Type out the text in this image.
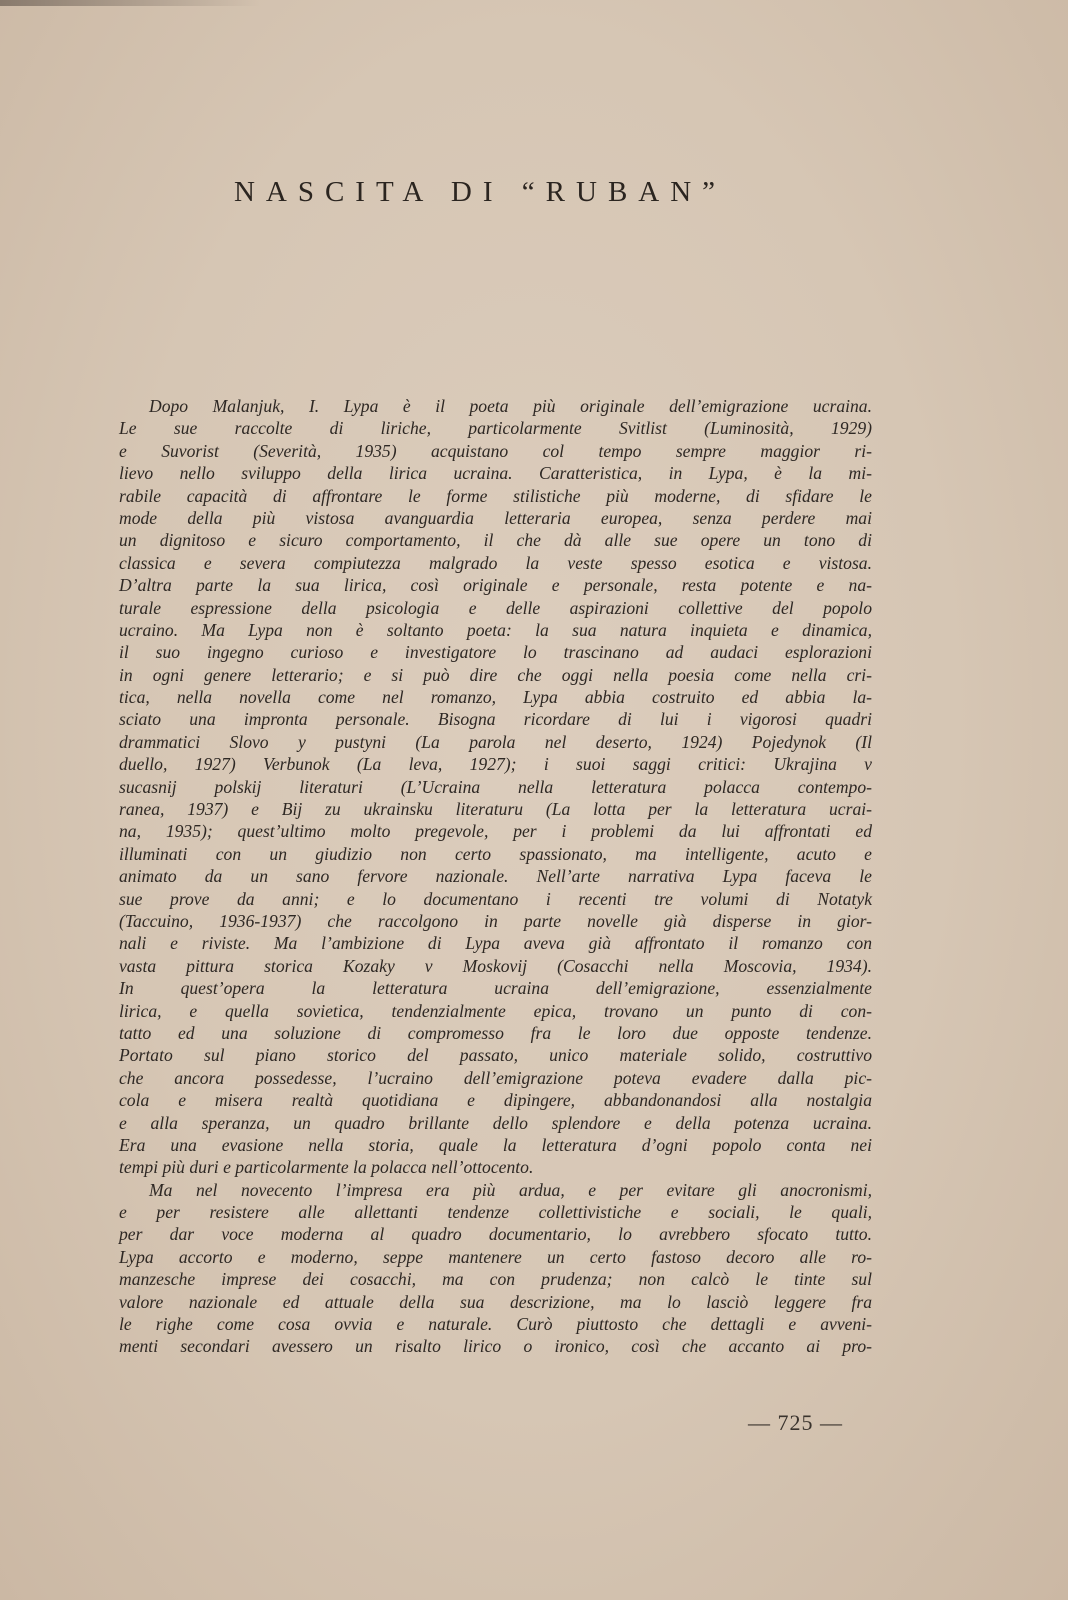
NASCITA DI “RUBAN”
Dopo Malanjuk, I. Lypa è il poeta più originale dell’emigrazione ucraina.
Le sue raccolte di liriche, particolarmente Svitlist (Luminosità, 1929)
e Suvorist (Severità, 1935) acquistano col tempo sempre maggior ri-
lievo nello sviluppo della lirica ucraina. Caratteristica, in Lypa, è la mi-
rabile capacità di affrontare le forme stilistiche più moderne, di sfidare le
mode della più vistosa avanguardia letteraria europea, senza perdere mai
un dignitoso e sicuro comportamento, il che dà alle sue opere un tono di
classica e severa compiutezza malgrado la veste spesso esotica e vistosa.
D’altra parte la sua lirica, così originale e personale, resta potente e na-
turale espressione della psicologia e delle aspirazioni collettive del popolo
ucraino. Ma Lypa non è soltanto poeta: la sua natura inquieta e dinamica,
il suo ingegno curioso e investigatore lo trascinano ad audaci esplorazioni
in ogni genere letterario; e si può dire che oggi nella poesia come nella cri-
tica, nella novella come nel romanzo, Lypa abbia costruito ed abbia la-
sciato una impronta personale. Bisogna ricordare di lui i vigorosi quadri
drammatici Slovo y pustyni (La parola nel deserto, 1924) Pojedynok (Il
duello, 1927) Verbunok (La leva, 1927); i suoi saggi critici: Ukrajina v
sucasnij polskij literaturi (L’Ucraina nella letteratura polacca contempo-
ranea, 1937) e Bij zu ukrainsku literaturu (La lotta per la letteratura ucrai-
na, 1935); quest’ultimo molto pregevole, per i problemi da lui affrontati ed
illuminati con un giudizio non certo spassionato, ma intelligente, acuto e
animato da un sano fervore nazionale. Nell’arte narrativa Lypa faceva le
sue prove da anni; e lo documentano i recenti tre volumi di Notatyk
(Taccuino, 1936-1937) che raccolgono in parte novelle già disperse in gior-
nali e riviste. Ma l’ambizione di Lypa aveva già affrontato il romanzo con
vasta pittura storica Kozaky v Moskovij (Cosacchi nella Moscovia, 1934).
In quest’opera la letteratura ucraina dell’emigrazione, essenzialmente
lirica, e quella sovietica, tendenzialmente epica, trovano un punto di con-
tatto ed una soluzione di compromesso fra le loro due opposte tendenze.
Portato sul piano storico del passato, unico materiale solido, costruttivo
che ancora possedesse, l’ucraino dell’emigrazione poteva evadere dalla pic-
cola e misera realtà quotidiana e dipingere, abbandonandosi alla nostalgia
e alla speranza, un quadro brillante dello splendore e della potenza ucraina.
Era una evasione nella storia, quale la letteratura d’ogni popolo conta nei
tempi più duri e particolarmente la polacca nell’ottocento.
Ma nel novecento l’impresa era più ardua, e per evitare gli anocronismi,
e per resistere alle allettanti tendenze collettivistiche e sociali, le quali,
per dar voce moderna al quadro documentario, lo avrebbero sfocato tutto.
Lypa accorto e moderno, seppe mantenere un certo fastoso decoro alle ro-
manzesche imprese dei cosacchi, ma con prudenza; non calcò le tinte sul
valore nazionale ed attuale della sua descrizione, ma lo lasciò leggere fra
le righe come cosa ovvia e naturale. Curò piuttosto che dettagli e avveni-
menti secondari avessero un risalto lirico o ironico, così che accanto ai pro-
— 725 —
